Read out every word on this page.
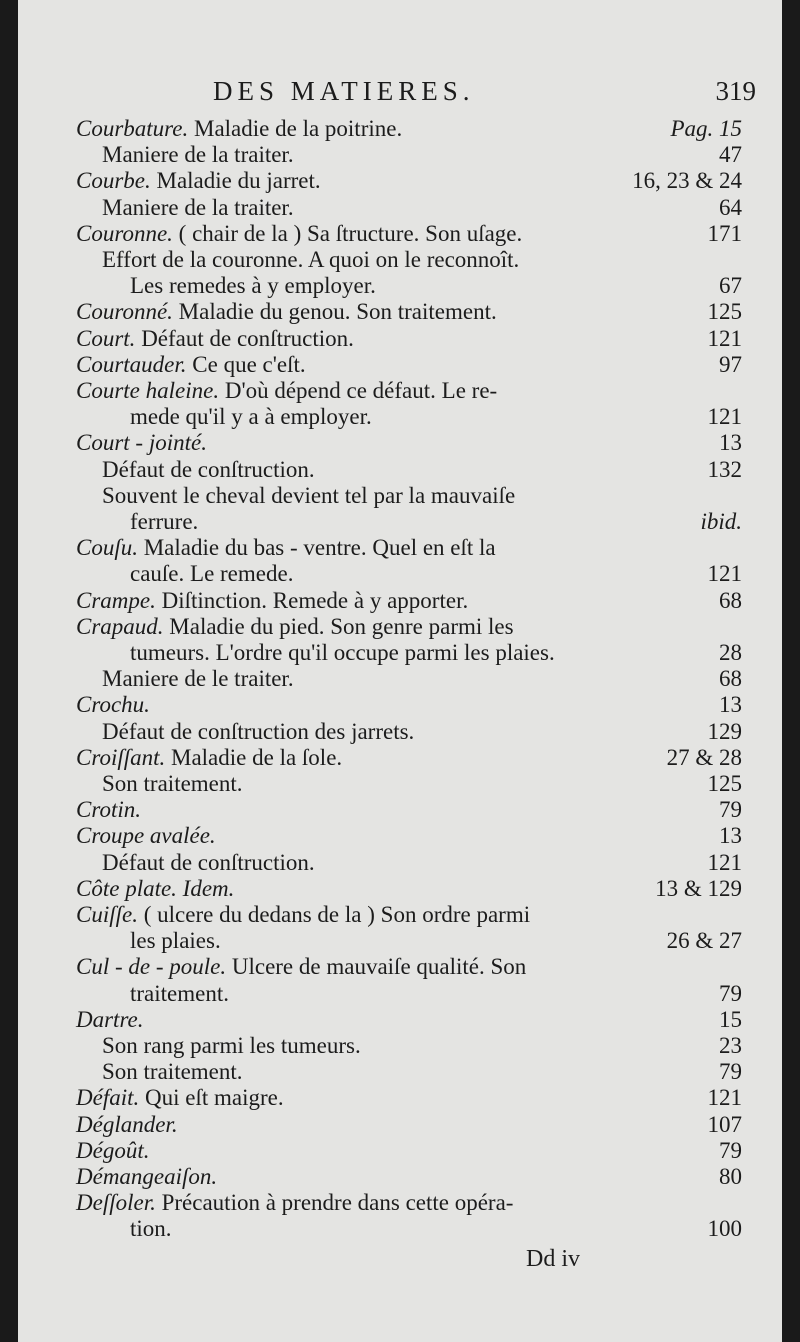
DES MATIERES.	319
Courbature. Maladie de la poitrine.	Pag. 15
Maniere de la traiter.	47
Courbe. Maladie du jarret.	16, 23 & 24
Maniere de la traiter.	64
Couronne. ( chair de la ) Sa ſtructure. Son uſage.	171
Effort de la couronne. A quoi on le reconnoît.
Les remedes à y employer.	67
Couronné. Maladie du genou. Son traitement.	125
Court. Défaut de conſtruction.	121
Courtauder. Ce que c'eſt.	97
Courte haleine. D'où dépend ce défaut. Le re-
mede qu'il y a à employer.	121
Court - jointé.	13
Défaut de conſtruction.	132
Souvent le cheval devient tel par la mauvaiſe
ferrure.	ibid.
Couſu. Maladie du bas - ventre. Quel en eſt la
cauſe. Le remede.	121
Crampe. Diſtinction. Remede à y apporter.	68
Crapaud. Maladie du pied. Son genre parmi les
tumeurs. L'ordre qu'il occupe parmi les plaies.	28
Maniere de le traiter.	68
Crochu.	13
Défaut de conſtruction des jarrets.	129
Croiſſant. Maladie de la ſole.	27 & 28
Son traitement.	125
Crotin.	79
Croupe avalée.	13
Défaut de conſtruction.	121
Côte plate. Idem.	13 & 129
Cuiſſe. ( ulcere du dedans de la ) Son ordre parmi
les plaies.	26 & 27
Cul - de - poule. Ulcere de mauvaiſe qualité. Son
traitement.	79
Dartre.	15
Son rang parmi les tumeurs.	23
Son traitement.	79
Défait. Qui eſt maigre.	121
Déglander.	107
Dégoût.	79
Démangeaiſon.	80
Deſſoler. Précaution à prendre dans cette opéra-
tion.	100
Dd iv
